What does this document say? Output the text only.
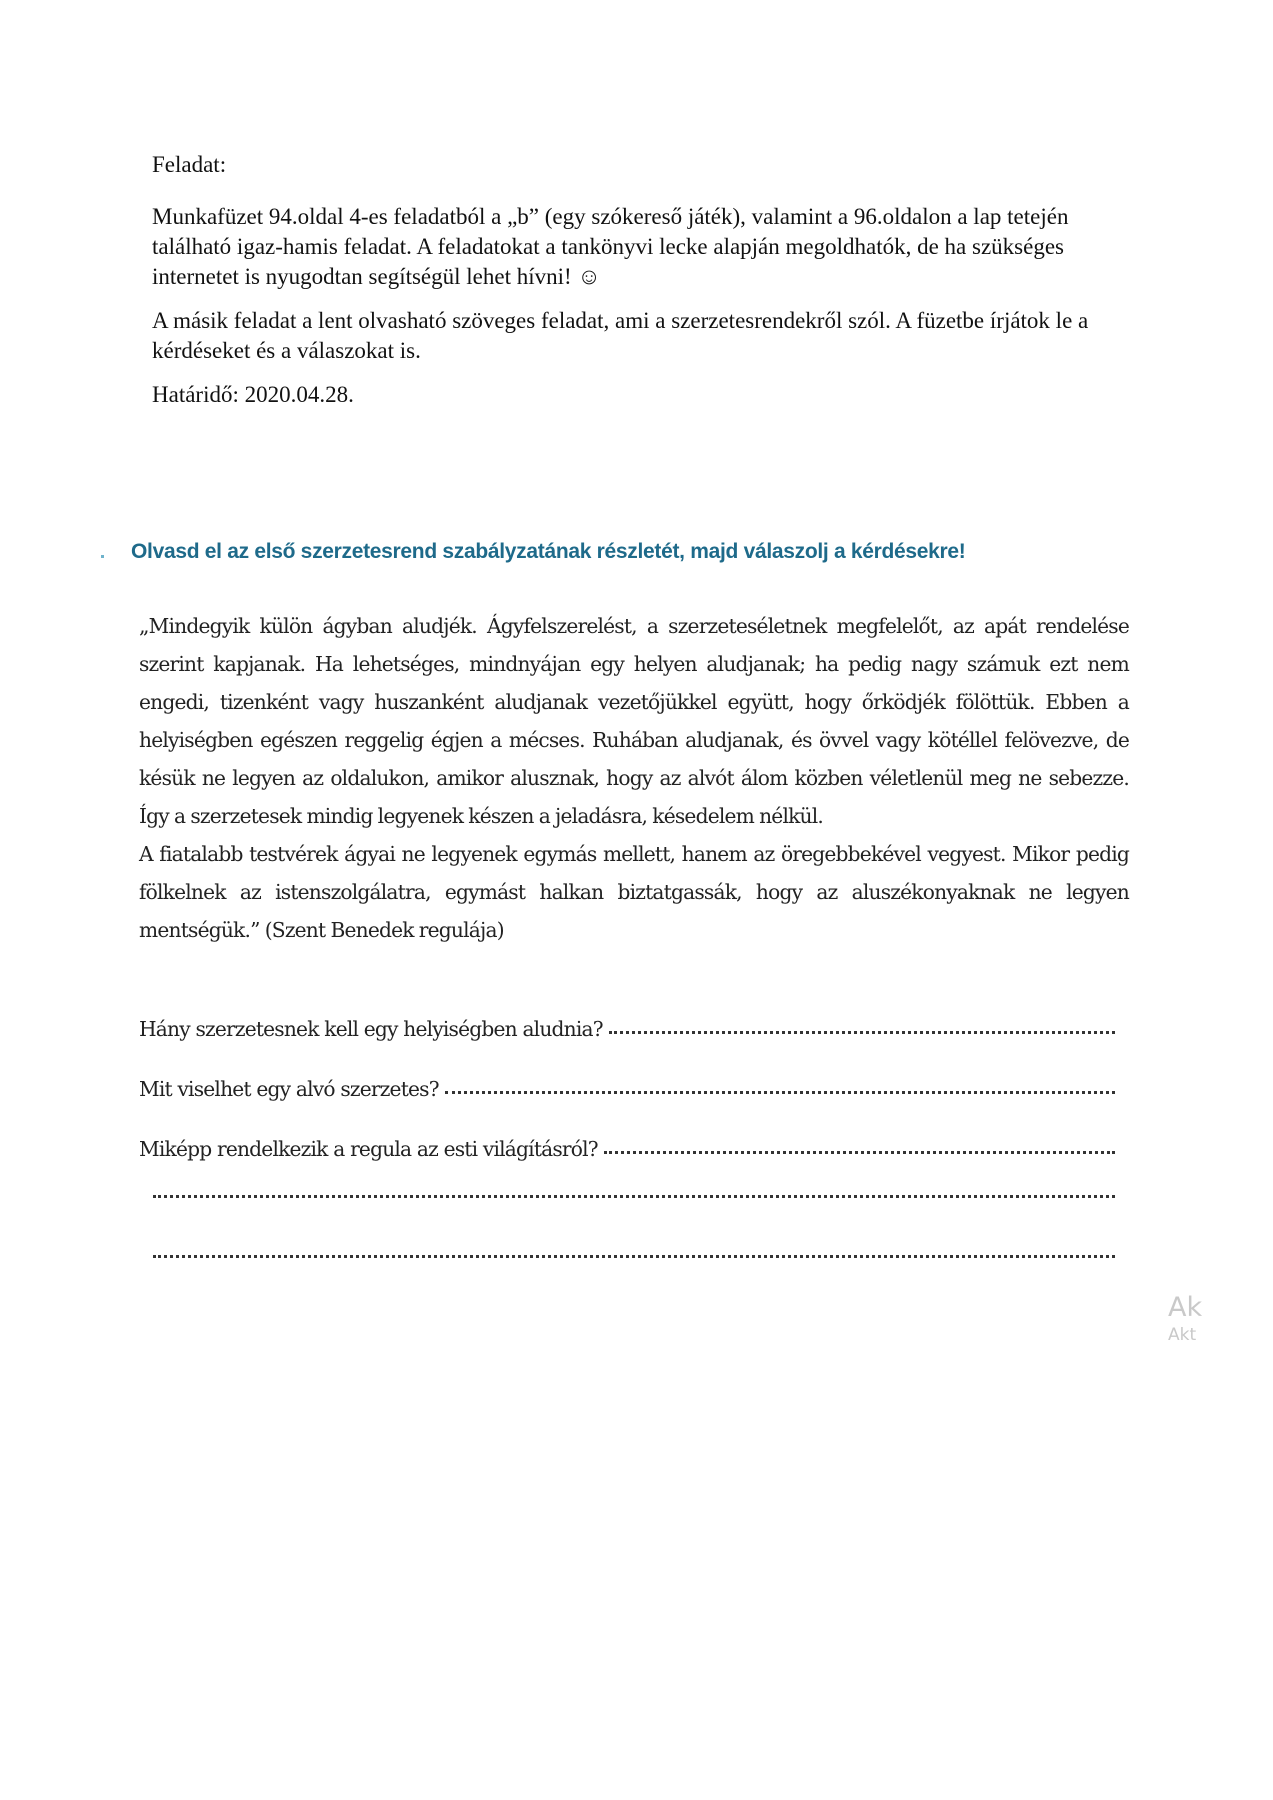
Feladat:

Munkafüzet 94.oldal 4-es feladatból a „b” (egy szókereső játék), valamint a 96.oldalon a lap tetején található igaz-hamis feladat. A feladatokat a tankönyvi lecke alapján megoldhatók, de ha szükséges internetet is nyugodtan segítségül lehet hívni! ☺

A másik feladat a lent olvasható szöveges feladat, ami a szerzetesrendekről szól. A füzetbe írjátok le a kérdéseket és a válaszokat is.

Határidő: 2020.04.28.

Olvasd el az első szerzetesrend szabályzatának részletét, majd válaszolj a kérdésekre!

„Mindegyik külön ágyban aludjék. Ágyfelszerelést, a szerzeteséletnek megfelelőt, az apát rendelése szerint kapjanak. Ha lehetséges, mindnyájan egy helyen aludjanak; ha pedig nagy számuk ezt nem engedi, tizenként vagy huszanként aludjanak vezetőjükkel együtt, hogy őrködjék fölöttük. Ebben a helyiségben egészen reggelig égjen a mécses. Ruhában aludjanak, és övvel vagy kötéllel felövezve, de késük ne legyen az oldalukon, amikor alusznak, hogy az alvót álom közben véletlenül meg ne sebezze. Így a szerzetesek mindig legyenek készen a jeladásra, késedelem nélkül.

A fiatalabb testvérek ágyai ne legyenek egymás mellett, hanem az öregebbekével vegyest. Mikor pedig fölkelnek az istenszolgálatra, egymást halkan biztatgassák, hogy az aluszékonyaknak ne legyen mentségük.” (Szent Benedek regulája)

Hány szerzetesnek kell egy helyiségben aludnia?
Mit viselhet egy alvó szerzetes?
Miképp rendelkezik a regula az esti világításról?
Ak
Akt
